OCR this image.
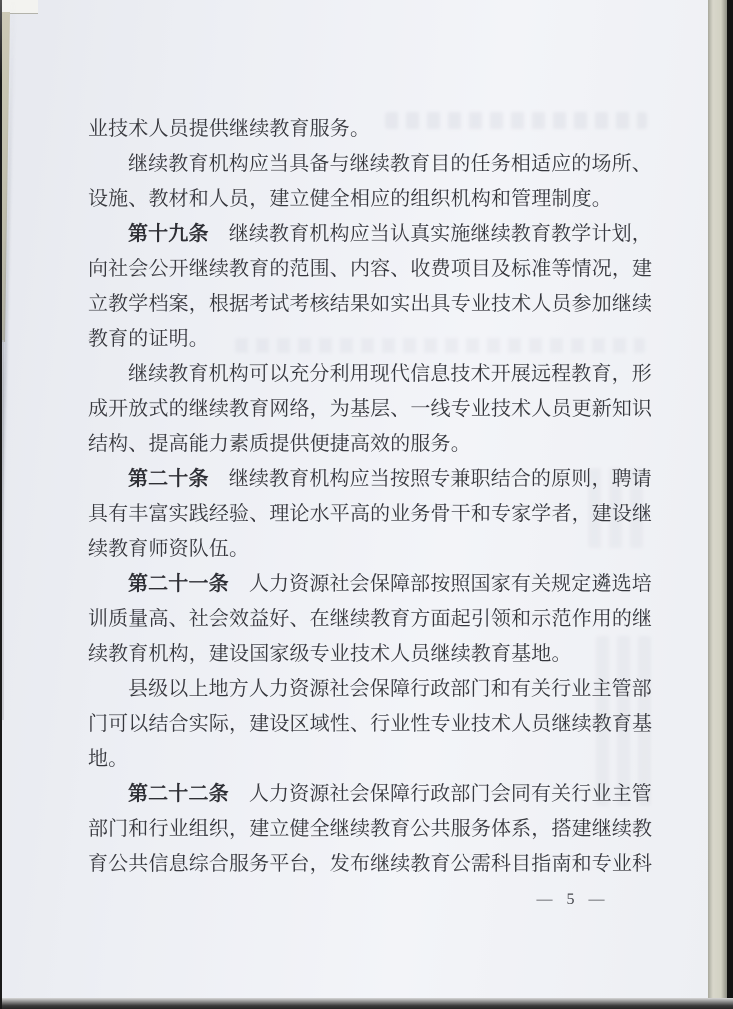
业技术人员提供继续教育服务。
继续教育机构应当具备与继续教育目的任务相适应的场所、
设施、教材和人员，建立健全相应的组织机构和管理制度。
第十九条　继续教育机构应当认真实施继续教育教学计划，
向社会公开继续教育的范围、内容、收费项目及标准等情况，建
立教学档案，根据考试考核结果如实出具专业技术人员参加继续
教育的证明。
继续教育机构可以充分利用现代信息技术开展远程教育，形
成开放式的继续教育网络，为基层、一线专业技术人员更新知识
结构、提高能力素质提供便捷高效的服务。
第二十条　继续教育机构应当按照专兼职结合的原则，聘请
具有丰富实践经验、理论水平高的业务骨干和专家学者，建设继
续教育师资队伍。
第二十一条　人力资源社会保障部按照国家有关规定遴选培
训质量高、社会效益好、在继续教育方面起引领和示范作用的继
续教育机构，建设国家级专业技术人员继续教育基地。
县级以上地方人力资源社会保障行政部门和有关行业主管部
门可以结合实际，建设区域性、行业性专业技术人员继续教育基
地。
第二十二条　人力资源社会保障行政部门会同有关行业主管
部门和行业组织，建立健全继续教育公共服务体系，搭建继续教
育公共信息综合服务平台，发布继续教育公需科目指南和专业科
— 5 —
